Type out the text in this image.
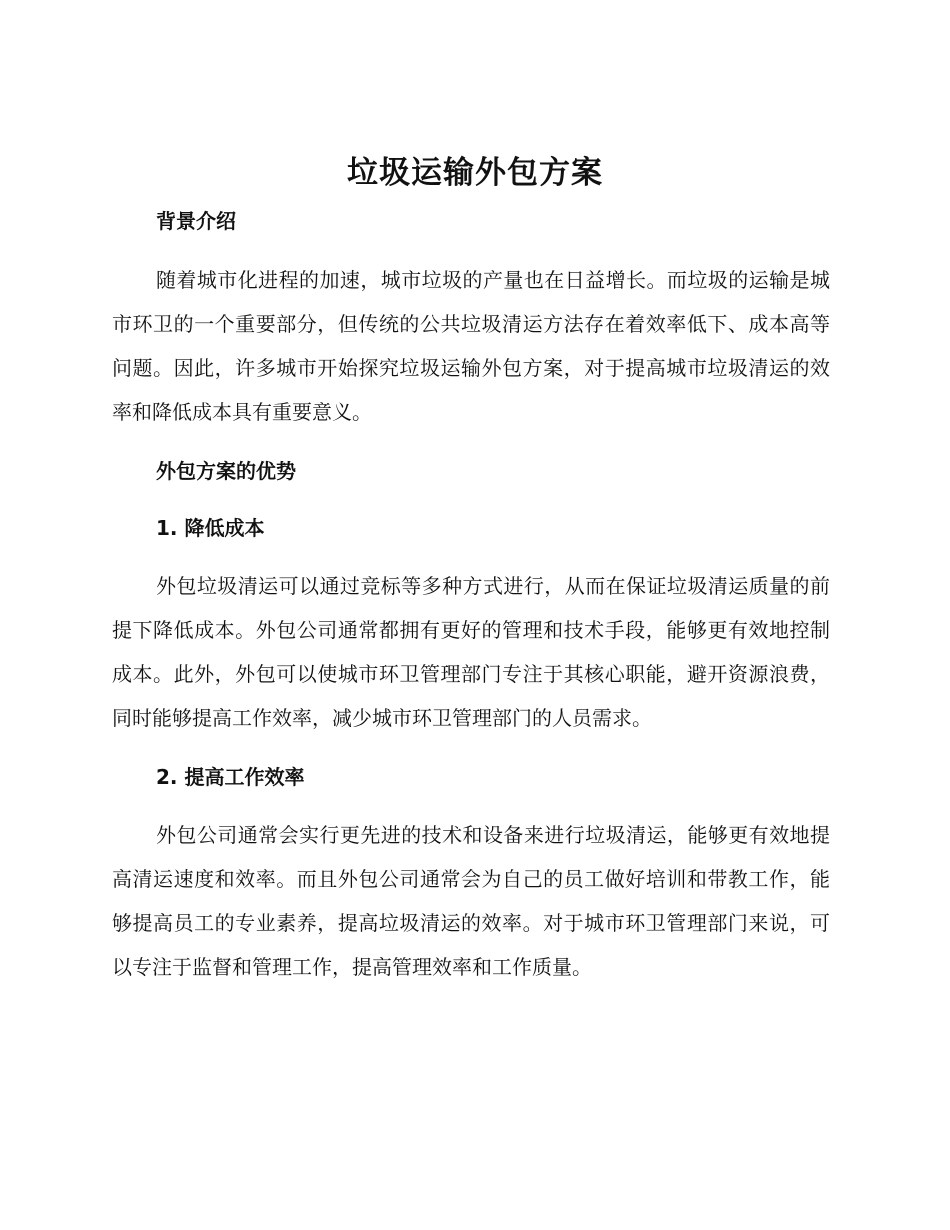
垃圾运输外包方案
背景介绍

随着城市化进程的加速，城市垃圾的产量也在日益增长。而垃圾的运输是城市环卫的一个重要部分，但传统的公共垃圾清运方法存在着效率低下、成本高等问题。因此，许多城市开始探究垃圾运输外包方案，对于提高城市垃圾清运的效率和降低成本具有重要意义。

外包方案的优势
1. 降低成本

外包垃圾清运可以通过竞标等多种方式进行，从而在保证垃圾清运质量的前提下降低成本。外包公司通常都拥有更好的管理和技术手段，能够更有效地控制成本。此外，外包可以使城市环卫管理部门专注于其核心职能，避开资源浪费，同时能够提高工作效率，减少城市环卫管理部门的人员需求。

2. 提高工作效率

外包公司通常会实行更先进的技术和设备来进行垃圾清运，能够更有效地提高清运速度和效率。而且外包公司通常会为自己的员工做好培训和带教工作，能够提高员工的专业素养，提高垃圾清运的效率。对于城市环卫管理部门来说，可以专注于监督和管理工作，提高管理效率和工作质量。
